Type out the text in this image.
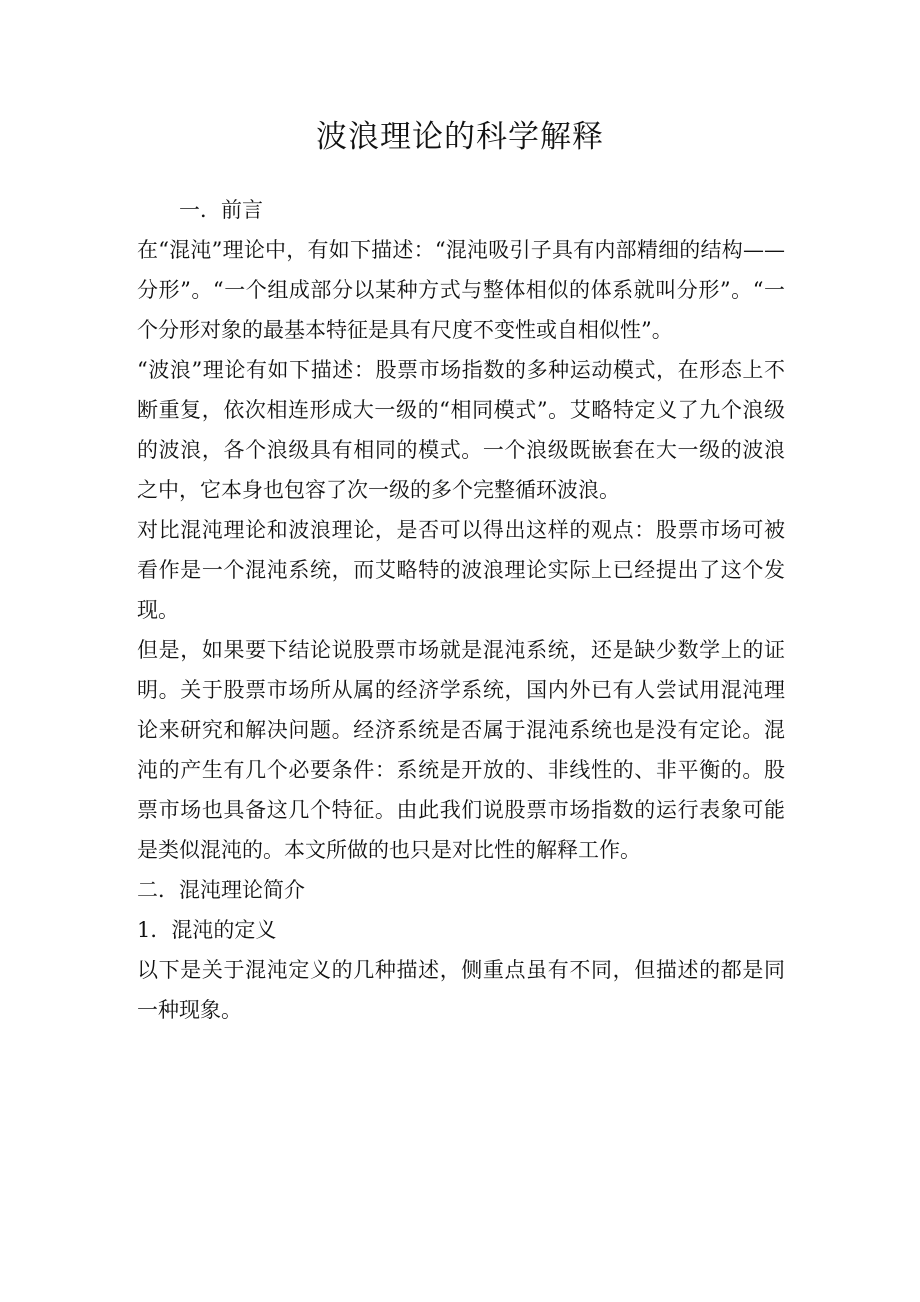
波浪理论的科学解释

一．前言

在“混沌”理论中，有如下描述：“混沌吸引子具有内部精细的结构——分形”。“一个组成部分以某种方式与整体相似的体系就叫分形”。“一个分形对象的最基本特征是具有尺度不变性或自相似性”。

“波浪”理论有如下描述：股票市场指数的多种运动模式，在形态上不断重复，依次相连形成大一级的“相同模式”。艾略特定义了九个浪级的波浪，各个浪级具有相同的模式。一个浪级既嵌套在大一级的波浪之中，它本身也包容了次一级的多个完整循环波浪。

对比混沌理论和波浪理论，是否可以得出这样的观点：股票市场可被看作是一个混沌系统，而艾略特的波浪理论实际上已经提出了这个发现。

但是，如果要下结论说股票市场就是混沌系统，还是缺少数学上的证明。关于股票市场所从属的经济学系统，国内外已有人尝试用混沌理论来研究和解决问题。经济系统是否属于混沌系统也是没有定论。混沌的产生有几个必要条件：系统是开放的、非线性的、非平衡的。股票市场也具备这几个特征。由此我们说股票市场指数的运行表象可能是类似混沌的。本文所做的也只是对比性的解释工作。

二．混沌理论简介

1．混沌的定义

以下是关于混沌定义的几种描述，侧重点虽有不同，但描述的都是同一种现象。
